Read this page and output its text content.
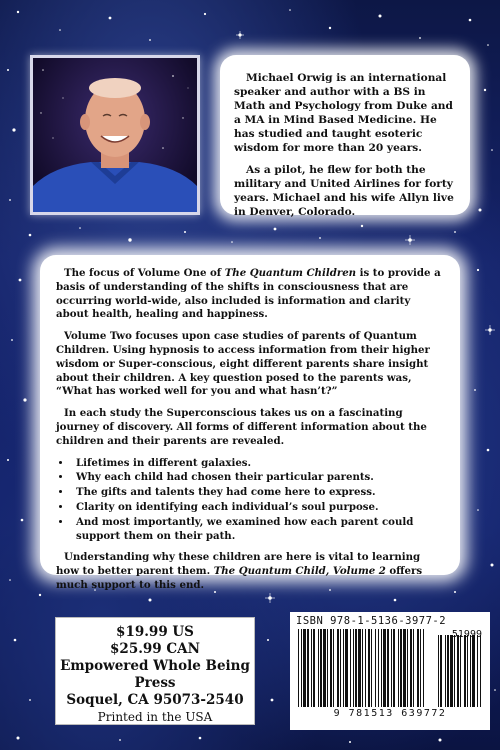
Michael Orwig is an international speaker and author with a BS in Math and Psychology from Duke and a MA in Mind Based Medicine. He has studied and taught esoteric wisdom for more than 20 years.

As a pilot, he flew for both the military and United Airlines for forty years. Michael and his wife Allyn live in Denver, Colorado.

The focus of Volume One of The Quantum Children is to provide a basis of understanding of the shifts in consciousness that are occurring world-wide, also included is information and clarity about health, healing and happiness.

Volume Two focuses upon case studies of parents of Quantum Children. Using hypnosis to access information from their higher wisdom or Super-conscious, eight different parents share insight about their children. A key question posed to the parents was, “What has worked well for you and what hasn’t?”

In each study the Superconscious takes us on a fascinating journey of discovery. All forms of different information about the children and their parents are revealed.

• Lifetimes in different galaxies.
• Why each child had chosen their particular parents.
• The gifts and talents they had come here to express.
• Clarity on identifying each individual’s soul purpose.
• And most importantly, we examined how each parent could support them on their path.

Understanding why these children are here is vital to learning how to better parent them. The Quantum Child, Volume 2 offers much support to this end.

$19.99 US
$25.99 CAN
Empowered Whole Being Press
Soquel, CA 95073-2540
Printed in the USA
ISBN 978-1-5136-3977-2
51999
9 781513 639772
